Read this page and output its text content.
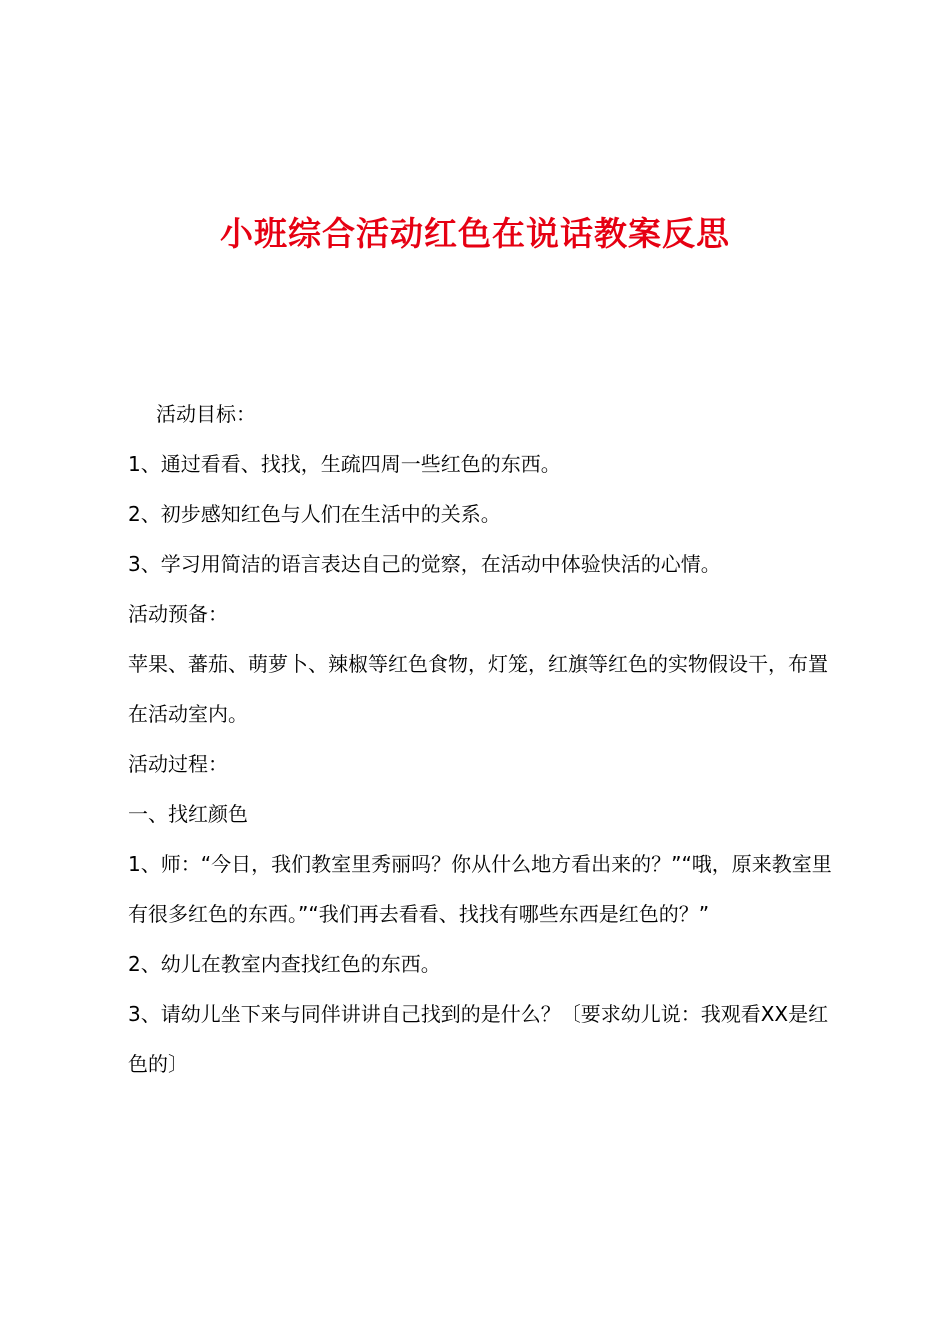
小班综合活动红色在说话教案反思

活动目标：

1、通过看看、找找，生疏四周一些红色的东西。

2、初步感知红色与人们在生活中的关系。

3、学习用简洁的语言表达自己的觉察，在活动中体验快活的心情。

活动预备：

苹果、蕃茄、萌萝卜、辣椒等红色食物，灯笼，红旗等红色的实物假设干，布置在活动室内。

活动过程：

一、找红颜色

1、师：“今日，我们教室里秀丽吗？你从什么地方看出来的？”“哦，原来教室里有很多红色的东西。”“我们再去看看、找找有哪些东西是红色的？”

2、幼儿在教室内查找红色的东西。

3、请幼儿坐下来与同伴讲讲自己找到的是什么？〔要求幼儿说：我观看XX是红色的〕
